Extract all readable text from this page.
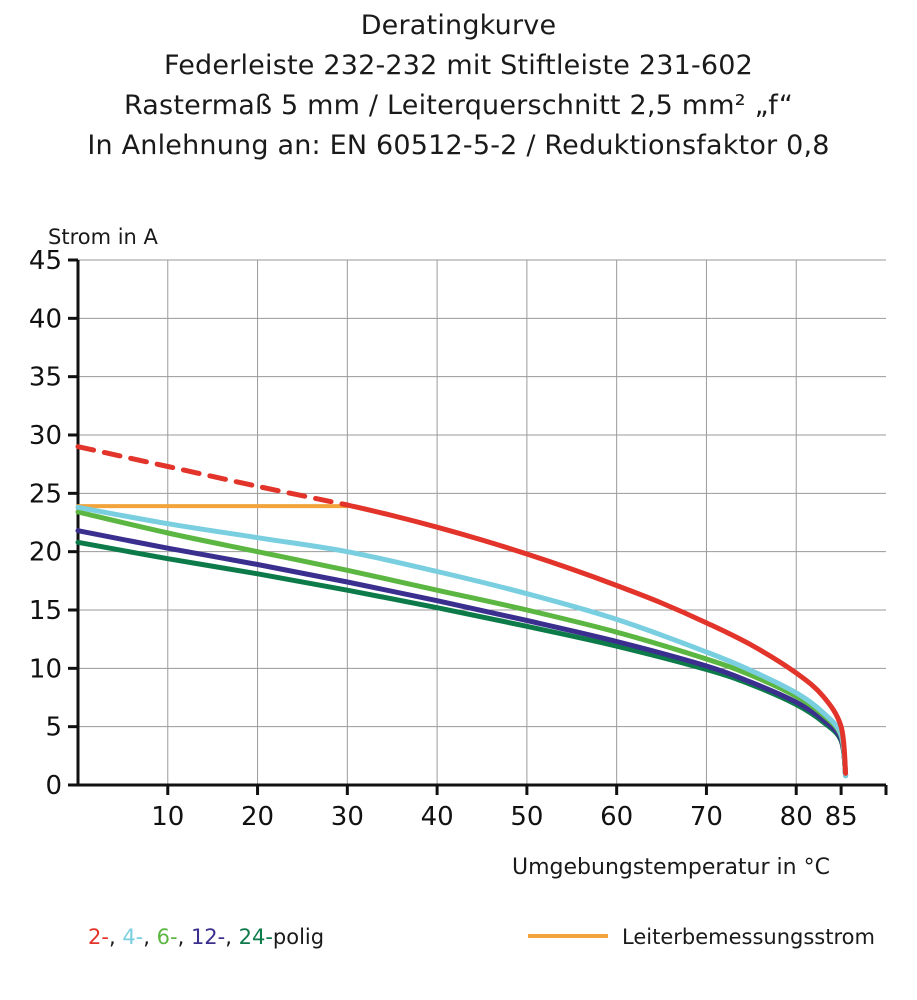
Deratingkurve
Federleiste 232-232 mit Stiftleiste 231-602
Rastermaß 5 mm / Leiterquerschnitt 2,5 mm² „f“
In Anlehnung an: EN 60512-5-2 / Reduktionsfaktor 0,8
Strom in A
Umgebungstemperatur in °C
0
5
10
15
20
25
30
35
40
45
10 20 30 40 50 60 70 80 85
2-, 4-, 6-, 12-, 24-polig	Leiterbemessungsstrom
